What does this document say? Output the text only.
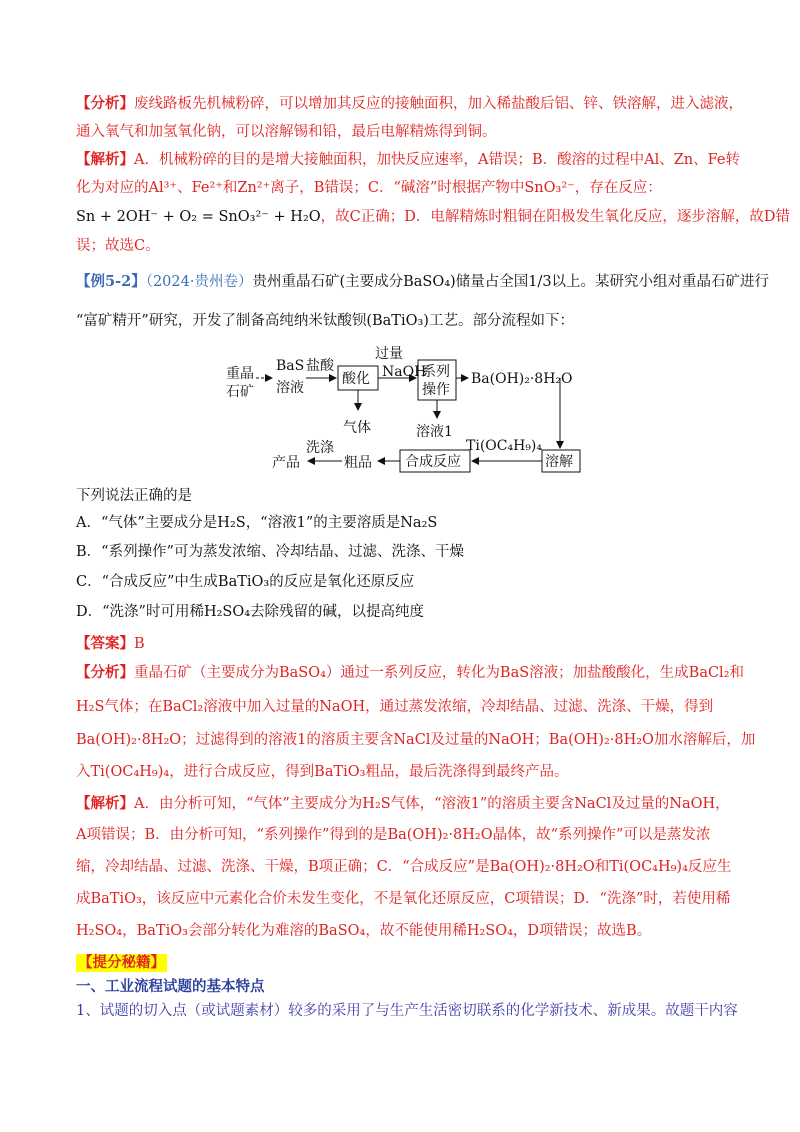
【分析】废线路板先机械粉碎，可以增加其反应的接触面积，加入稀盐酸后铝、锌、铁溶解，进入滤液，
通入氧气和加氢氧化钠，可以溶解锡和铅，最后电解精炼得到铜。
【解析】A．机械粉碎的目的是增大接触面积，加快反应速率，A错误；B．酸溶的过程中Al、Zn、Fe转
化为对应的Al³⁺、Fe²⁺和Zn²⁺离子，B错误；C．“碱溶”时根据产物中SnO₃²⁻，存在反应：
Sn + 2OH⁻ + O₂ = SnO₃²⁻ + H₂O，故C正确；D．电解精炼时粗铜在阳极发生氧化反应，逐步溶解，故D错
误；故选C。
【例5-2】（2024·贵州卷）贵州重晶石矿(主要成分BaSO₄)储量占全国1/3以上。某研究小组对重晶石矿进行
“富矿精开”研究，开发了制备高纯纳米钛酸钡(BaTiO₃)工艺。部分流程如下：
重晶
石矿
BaS
溶液
盐酸
酸化
气体
过量
NaOH
系列
操作
溶液1
Ba(OH)₂·8H₂O
溶解
Ti(OC₄H₉)₄
合成反应
粗品
洗涤
产品
下列说法正确的是
A．“气体”主要成分是H₂S，“溶液1”的主要溶质是Na₂S
B．“系列操作”可为蒸发浓缩、冷却结晶、过滤、洗涤、干燥
C．“合成反应”中生成BaTiO₃的反应是氧化还原反应
D．“洗涤”时可用稀H₂SO₄去除残留的碱，以提高纯度
【答案】B
【分析】重晶石矿（主要成分为BaSO₄）通过一系列反应，转化为BaS溶液；加盐酸酸化，生成BaCl₂和
H₂S气体；在BaCl₂溶液中加入过量的NaOH，通过蒸发浓缩，冷却结晶、过滤、洗涤、干燥，得到
Ba(OH)₂·8H₂O；过滤得到的溶液1的溶质主要含NaCl及过量的NaOH；Ba(OH)₂·8H₂O加水溶解后，加
入Ti(OC₄H₉)₄，进行合成反应，得到BaTiO₃粗品，最后洗涤得到最终产品。
【解析】A．由分析可知，“气体”主要成分为H₂S气体，“溶液1”的溶质主要含NaCl及过量的NaOH，
A项错误；B．由分析可知，“系列操作”得到的是Ba(OH)₂·8H₂O晶体，故“系列操作”可以是蒸发浓
缩，冷却结晶、过滤、洗涤、干燥，B项正确；C．“合成反应”是Ba(OH)₂·8H₂O和Ti(OC₄H₉)₄反应生
成BaTiO₃，该反应中元素化合价未发生变化，不是氧化还原反应，C项错误；D．“洗涤”时，若使用稀
H₂SO₄，BaTiO₃会部分转化为难溶的BaSO₄，故不能使用稀H₂SO₄，D项错误；故选B。
【提分秘籍】
一、工业流程试题的基本特点
1、试题的切入点（或试题素材）较多的采用了与生产生活密切联系的化学新技术、新成果。故题干内容
